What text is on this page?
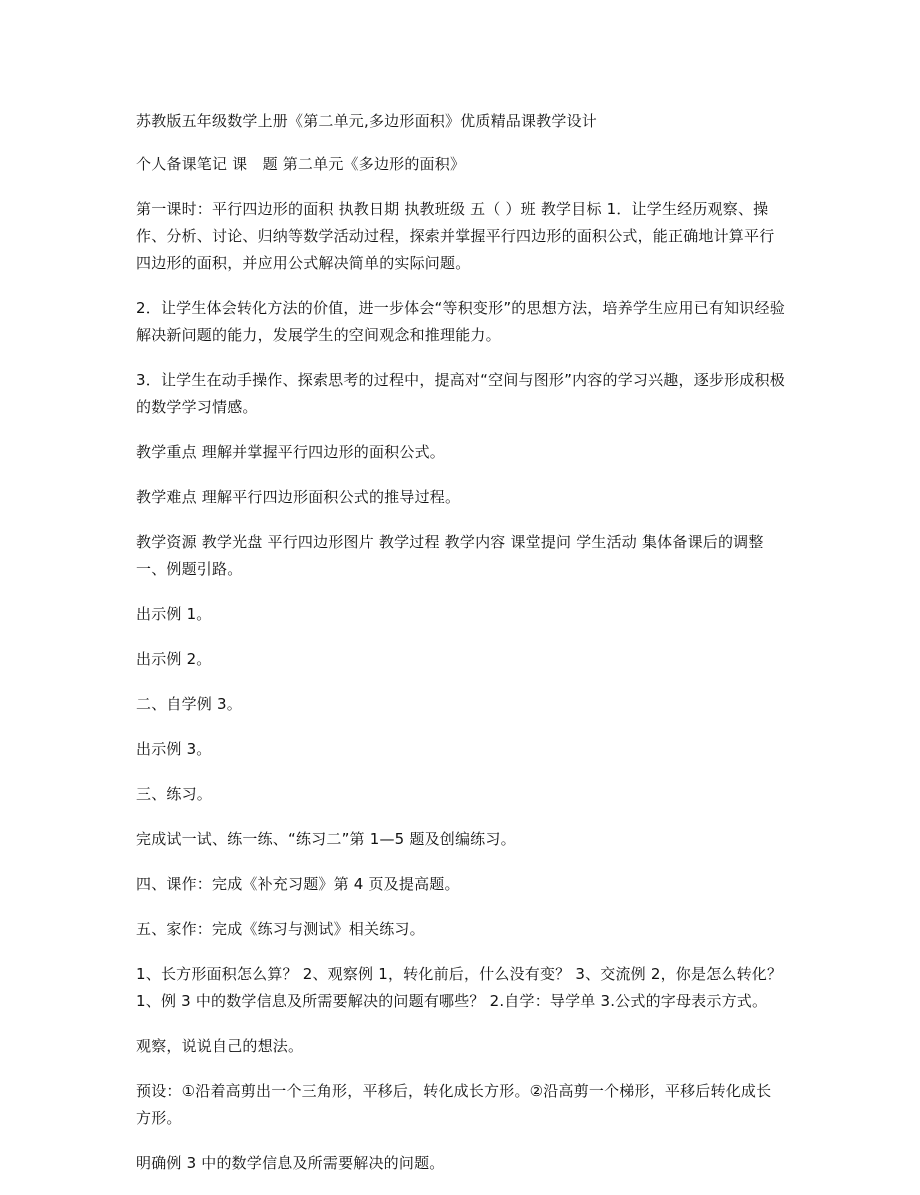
苏教版五年级数学上册《第二单元,多边形面积》优质精品课教学设计

个人备课笔记 课　题 第二单元《多边形的面积》

第一课时：平行四边形的面积 执教日期 执教班级 五（ ）班 教学目标 1．让学生经历观察、操作、分析、讨论、归纳等数学活动过程，探索并掌握平行四边形的面积公式，能正确地计算平行四边形的面积，并应用公式解决简单的实际问题。

2．让学生体会转化方法的价值，进一步体会“等积变形”的思想方法，培养学生应用已有知识经验解决新问题的能力，发展学生的空间观念和推理能力。

3．让学生在动手操作、探索思考的过程中，提高对“空间与图形”内容的学习兴趣，逐步形成积极的数学学习情感。

教学重点 理解并掌握平行四边形的面积公式。

教学难点 理解平行四边形面积公式的推导过程。

教学资源 教学光盘 平行四边形图片 教学过程 教学内容 课堂提问 学生活动 集体备课后的调整 一、例题引路。

出示例 1。

出示例 2。

二、自学例 3。

出示例 3。

三、练习。

完成试一试、练一练、“练习二”第 1—5 题及创编练习。

四、课作：完成《补充习题》第 4 页及提高题。

五、家作：完成《练习与测试》相关练习。

1、长方形面积怎么算？ 2、观察例 1，转化前后，什么没有变？ 3、交流例 2，你是怎么转化？ 1、例 3 中的数学信息及所需要解决的问题有哪些？ 2.自学：导学单 3.公式的字母表示方式。

观察，说说自己的想法。

预设：①沿着高剪出一个三角形，平移后，转化成长方形。②沿高剪一个梯形，平移后转化成长方形。

明确例 3 中的数学信息及所需要解决的问题。
